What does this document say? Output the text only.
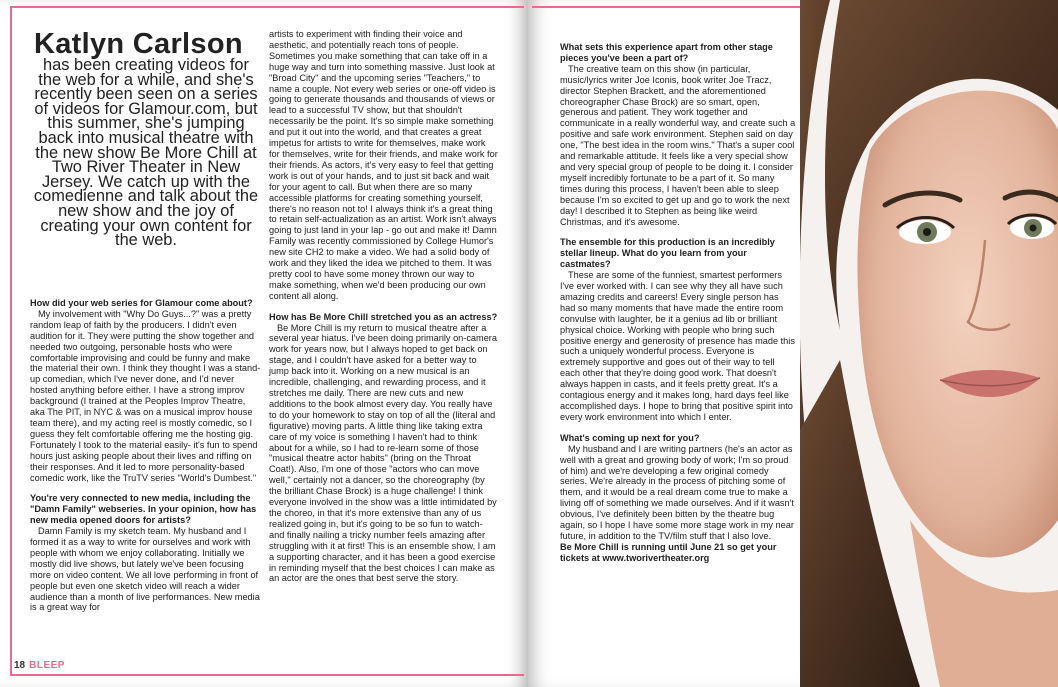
Katlyn Carlson
has been creating videos for the web for a while, and she's recently been seen on a series of videos for Glamour.com, but this summer, she's jumping back into musical theatre with the new show Be More Chill at Two River Theater in New Jersey. We catch up with the comedienne and talk about the new show and the joy of creating your own content for the web.

How did your web series for Glamour come about?

My involvement with "Why Do Guys...?" was a pretty random leap of faith by the producers. I didn't even audition for it. They were putting the show together and needed two outgoing, personable hosts who were comfortable improvising and could be funny and make the material their own. I think they thought I was a stand-up comedian, which I've never done, and I'd never hosted anything before either. I have a strong improv background (I trained at the Peoples Improv Theatre, aka The PIT, in NYC & was on a musical improv house team there), and my acting reel is mostly comedic, so I guess they felt comfortable offering me the hosting gig. Fortunately I took to the material easily- it's fun to spend hours just asking people about their lives and riffing on their responses. And it led to more personality-based comedic work, like the TruTV series "World's Dumbest."

You're very connected to new media, including the "Damn Family" webseries. In your opinion, how has new media opened doors for artists?

Damn Family is my sketch team. My husband and I formed it as a way to write for ourselves and work with people with whom we enjoy collaborating. Initially we mostly did live shows, but lately we've been focusing more on video content. We all love performing in front of people but even one sketch video will reach a wider audience than a month of live performances. New media is a great way for

artists to experiment with finding their voice and aesthetic, and potentially reach tons of people. Sometimes you make something that can take off in a huge way and turn into something massive. Just look at "Broad City" and the upcoming series "Teachers," to name a couple. Not every web series or one-off video is going to generate thousands and thousands of views or lead to a successful TV show, but that shouldn't necessarily be the point. It's so simple make something and put it out into the world, and that creates a great impetus for artists to write for themselves, make work for themselves, write for their friends, and make work for their friends. As actors, it's very easy to feel that getting work is out of your hands, and to just sit back and wait for your agent to call. But when there are so many accessible platforms for creating something yourself, there's no reason not to! I always think it's a great thing to retain self-actualization as an artist. Work isn't always going to just land in your lap - go out and make it! Damn Family was recently commissioned by College Humor's new site CH2 to make a video. We had a solid body of work and they liked the idea we pitched to them. It was pretty cool to have some money thrown our way to make something, when we'd been producing our own content all along.

How has Be More Chill stretched you as an actress?

Be More Chill is my return to musical theatre after a several year hiatus. I've been doing primarily on-camera work for years now, but I always hoped to get back on stage, and I couldn't have asked for a better way to jump back into it. Working on a new musical is an incredible, challenging, and rewarding process, and it stretches me daily. There are new cuts and new additions to the book almost every day. You really have to do your homework to stay on top of all the (literal and figurative) moving parts. A little thing like taking extra care of my voice is something I haven't had to think about for a while, so I had to re-learn some of those "musical theatre actor habits" (bring on the Throat Coat!). Also, I'm one of those "actors who can move well," certainly not a dancer, so the choreography (by the brilliant Chase Brock) is a huge challenge! I think everyone involved in the show was a little intimidated by the choreo, in that it's more extensive than any of us realized going in, but it's going to be so fun to watch- and finally nailing a tricky number feels amazing after struggling with it at first! This is an ensemble show, I am a supporting character, and it has been a good exercise in reminding myself that the best choices I can make as an actor are the ones that best serve the story.

What sets this experience apart from other stage pieces you've been a part of?

The creative team on this show (in particular, music/lyrics writer Joe Iconis, book writer Joe Tracz, director Stephen Brackett, and the aforementioned choreographer Chase Brock) are so smart, open, generous and patient. They work together and communicate in a really wonderful way, and create such a positive and safe work environment. Stephen said on day one, "The best idea in the room wins." That's a super cool and remarkable attitude. It feels like a very special show and very special group of people to be doing it. I consider myself incredibly fortunate to be a part of it. So many times during this process, I haven't been able to sleep because I'm so excited to get up and go to work the next day! I described it to Stephen as being like weird Christmas, and it's awesome.

The ensemble for this production is an incredibly stellar lineup. What do you learn from your castmates?

These are some of the funniest, smartest performers I've ever worked with. I can see why they all have such amazing credits and careers! Every single person has had so many moments that have made the entire room convulse with laughter, be it a genius ad lib or brilliant physical choice. Working with people who bring such positive energy and generosity of presence has made this such a uniquely wonderful process. Everyone is extremely supportive and goes out of their way to tell each other that they're doing good work. That doesn't always happen in casts, and it feels pretty great. It's a contagious energy and it makes long, hard days feel like accomplished days. I hope to bring that positive spirit into every work environment into which I enter.

What's coming up next for you?

My husband and I are writing partners (he's an actor as well with a great and growing body of work; I'm so proud of him) and we're developing a few original comedy series. We're already in the process of pitching some of them, and it would be a real dream come true to make a living off of something we made ourselves. And if it wasn't obvious, I've definitely been bitten by the theatre bug again, so I hope I have some more stage work in my near future, in addition to the TV/film stuff that I also love.

Be More Chill is running until June 21 so get your tickets at www.tworivertheater.org

18 BLEEP
